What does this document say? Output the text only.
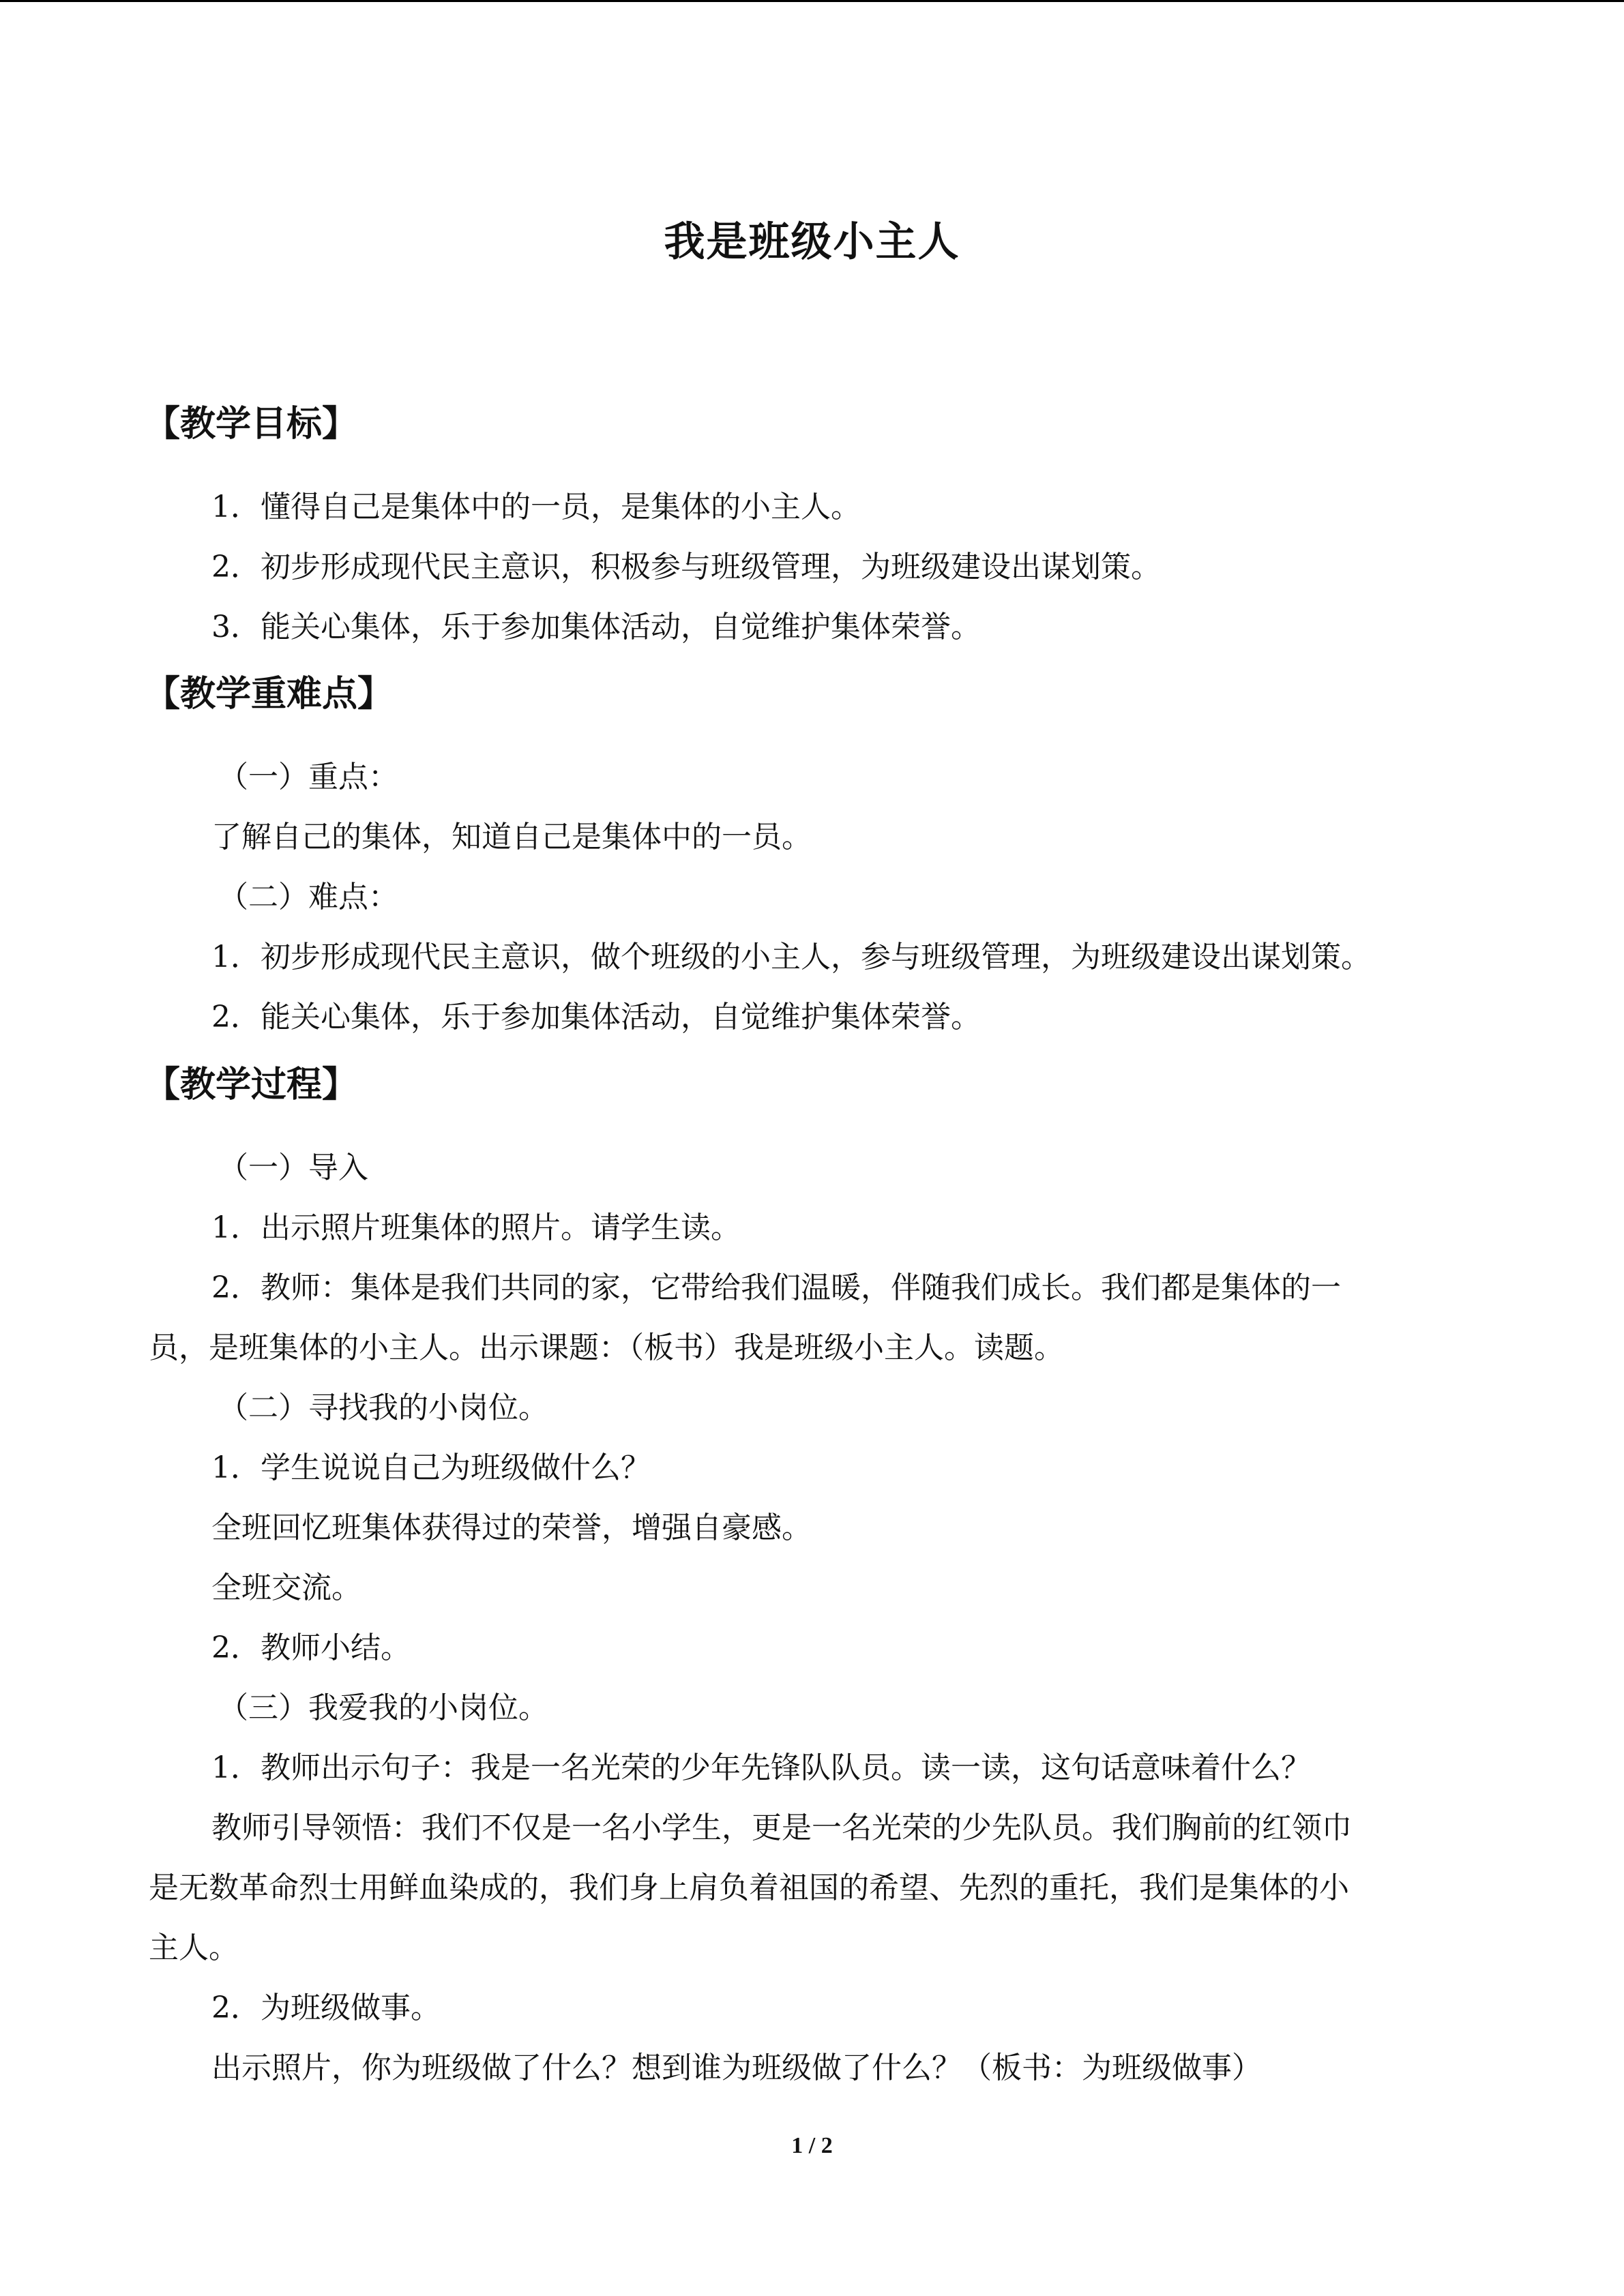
我是班级小主人
【教学目标】
1．懂得自己是集体中的一员，是集体的小主人。
2．初步形成现代民主意识，积极参与班级管理，为班级建设出谋划策。
3．能关心集体，乐于参加集体活动，自觉维护集体荣誉。
【教学重难点】
（一）重点：
了解自己的集体，知道自己是集体中的一员。
（二）难点：
1．初步形成现代民主意识，做个班级的小主人，参与班级管理，为班级建设出谋划策。
2．能关心集体，乐于参加集体活动，自觉维护集体荣誉。
【教学过程】
（一）导入
1．出示照片班集体的照片。请学生读。
2．教师：集体是我们共同的家，它带给我们温暖，伴随我们成长。我们都是集体的一
员，是班集体的小主人。出示课题：（板书）我是班级小主人。读题。
（二）寻找我的小岗位。
1．学生说说自己为班级做什么？
全班回忆班集体获得过的荣誉，增强自豪感。
全班交流。
2．教师小结。
（三）我爱我的小岗位。
1．教师出示句子：我是一名光荣的少年先锋队队员。读一读，这句话意味着什么？
教师引导领悟：我们不仅是一名小学生，更是一名光荣的少先队员。我们胸前的红领巾
是无数革命烈士用鲜血染成的，我们身上肩负着祖国的希望、先烈的重托，我们是集体的小
主人。
2．为班级做事。
出示照片，你为班级做了什么？想到谁为班级做了什么？（板书：为班级做事）
1 / 2
